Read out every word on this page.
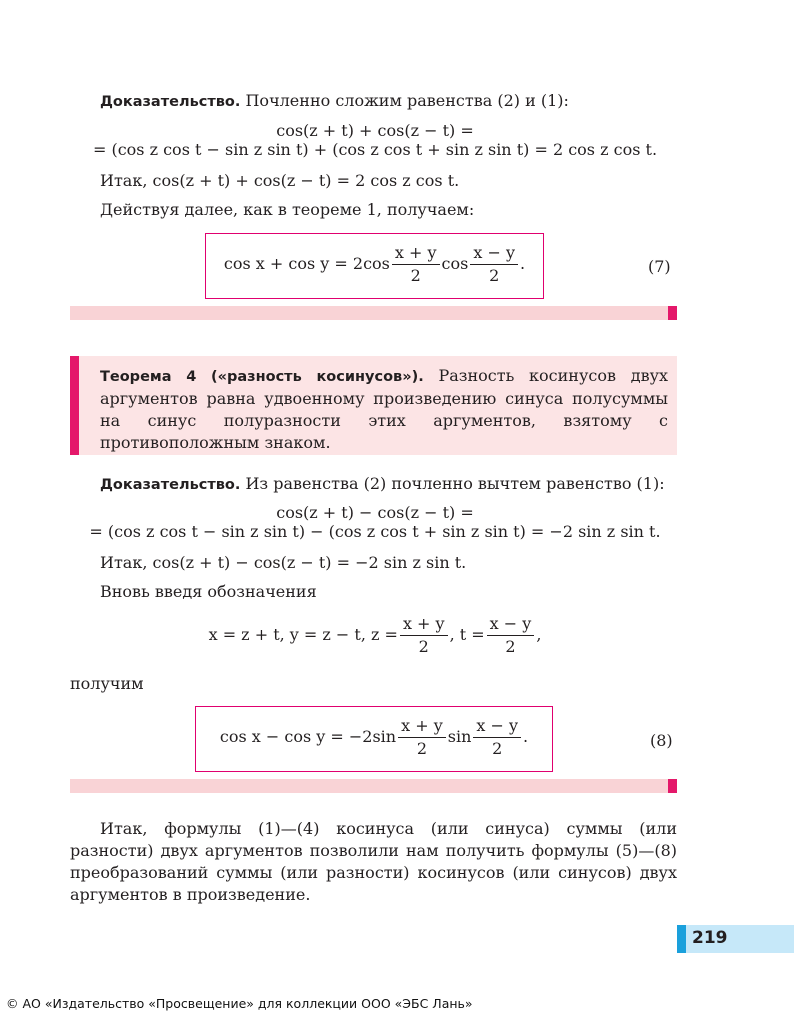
Доказательство. Почленно сложим равенства (2) и (1):
cos(z + t) + cos(z − t) =
= (cos z cos t − sin z sin t) + (cos z cos t + sin z sin t) = 2 cos z cos t.
Итак, cos(z + t) + cos(z − t) = 2 cos z cos t.
Действуя далее, как в теореме 1, получаем:
$\cos x + \cos y = 2\cos \frac{x + y}{2}$ $\cos \frac{x - y}{2}$ .	(7)
Теорема 4 («разность косинусов»). Разность косинусов двух аргументов равна удвоенному произведению синуса полусуммы на синус полуразности этих аргументов, взятому с противоположным знаком.
Доказательство. Из равенства (2) почленно вычтем равенство (1):
cos(z + t) − cos(z − t) =
= (cos z cos t − sin z sin t) − (cos z cos t + sin z sin t) = −2 sin z sin t.
Итак, cos(z + t) − cos(z − t) = −2 sin z sin t.
Вновь введя обозначения
x = z + t, y = z − t, $z = \frac{x + y}{2}$ , $t = \frac{x - y}{2}$ ,
получим
$\cos x - \cos y = -2\sin \frac{x + y}{2}$ $\sin \frac{x - y}{2}$ .	(8)
Итак, формулы (1)—(4) косинуса (или синуса) суммы (или разности) двух аргументов позволили нам получить формулы (5)—(8) преобразований суммы (или разности) косинусов (или синусов) двух аргументов в произведение.
219
© АО «Издательство «Просвещение» для коллекции ООО «ЭБС Лань»
